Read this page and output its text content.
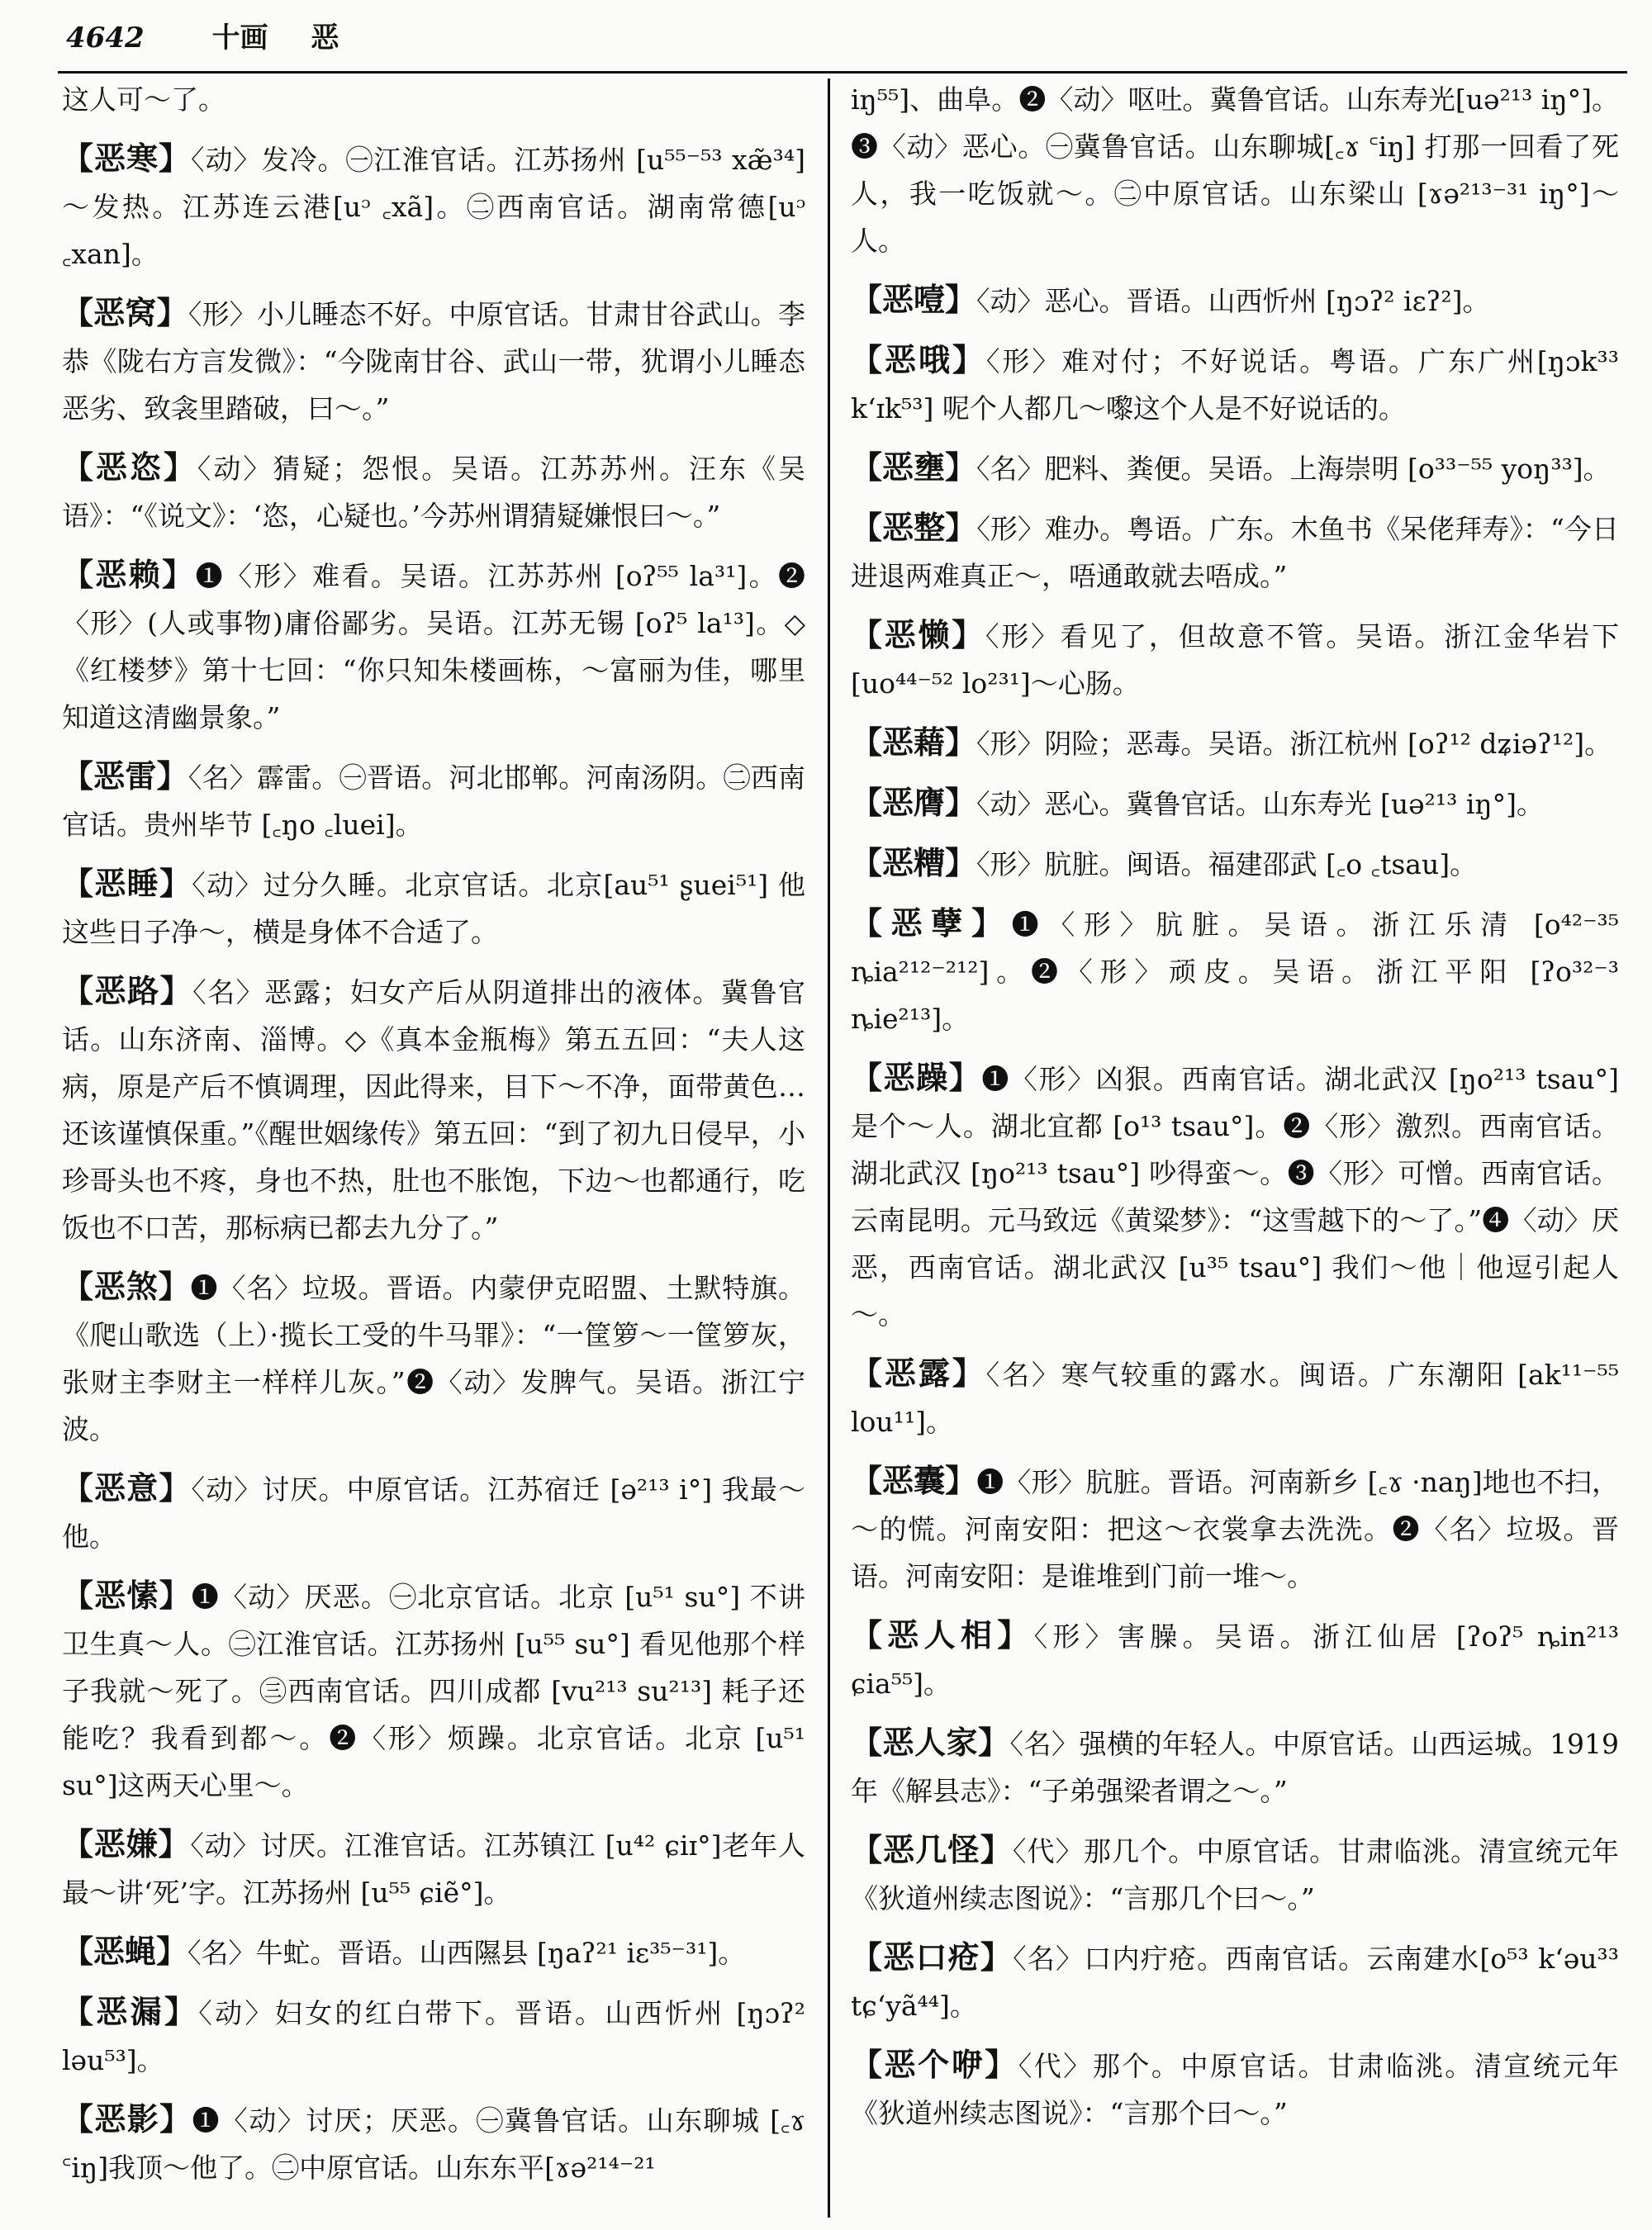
4642 十画 恶

这人可～了。

【恶寒】〈动〉发冷。㊀江淮官话。江苏扬州 [u⁵⁵⁻⁵³ xæ̃³⁴] ～发热。江苏连云港[uᵓ ꜀xã]。㊁西南官话。湖南常德[uᵓ ꜀xan]。

【恶窝】〈形〉小儿睡态不好。中原官话。甘肃甘谷武山。李恭《陇右方言发微》：“今陇南甘谷、武山一带，犹谓小儿睡态恶劣、致衾里踏破，曰～。”

【恶恣】〈动〉猜疑；怨恨。吴语。江苏苏州。汪东《吴语》：“《说文》：‘恣，心疑也。’今苏州谓猜疑嫌恨曰～。”

【恶赖】❶〈形〉难看。吴语。江苏苏州 [oʔ⁵⁵ la³¹]。❷〈形〉(人或事物)庸俗鄙劣。吴语。江苏无锡 [oʔ⁵ la¹³]。◇《红楼梦》第十七回：“你只知朱楼画栋，～富丽为佳，哪里知道这清幽景象。”

【恶雷】〈名〉霹雷。㊀晋语。河北邯郸。河南汤阴。㊁西南官话。贵州毕节 [꜀ŋo ꜀luei]。

【恶睡】〈动〉过分久睡。北京官话。北京[au⁵¹ ʂuei⁵¹] 他这些日子净～，横是身体不合适了。

【恶路】〈名〉恶露；妇女产后从阴道排出的液体。冀鲁官话。山东济南、淄博。◇《真本金瓶梅》第五五回：“夫人这病，原是产后不慎调理，因此得来，目下～不净，面带黄色…还该谨慎保重。”《醒世姻缘传》第五回：“到了初九日侵早，小珍哥头也不疼，身也不热，肚也不胀饱，下边～也都通行，吃饭也不口苦，那标病已都去九分了。”

【恶煞】❶〈名〉垃圾。晋语。内蒙伊克昭盟、土默特旗。《爬山歌选（上）·揽长工受的牛马罪》：“一筐箩～一筐箩灰，张财主李财主一样样儿灰。”❷〈动〉发脾气。吴语。浙江宁波。

【恶意】〈动〉讨厌。中原官话。江苏宿迁 [ə²¹³ i°] 我最～他。

【恶愫】❶〈动〉厌恶。㊀北京官话。北京 [u⁵¹ su°] 不讲卫生真～人。㊁江淮官话。江苏扬州 [u⁵⁵ su°] 看见他那个样子我就～死了。㊂西南官话。四川成都 [vu²¹³ su²¹³] 耗子还能吃？我看到都～。❷〈形〉烦躁。北京官话。北京 [u⁵¹ su°]这两天心里～。

【恶嫌】〈动〉讨厌。江淮官话。江苏镇江 [u⁴² ɕiɪ°]老年人最～讲‘死’字。江苏扬州 [u⁵⁵ ɕiẽ°]。

【恶蝇】〈名〉牛虻。晋语。山西隰县 [ŋaʔ²¹ iɛ³⁵⁻³¹]。

【恶漏】〈动〉妇女的红白带下。晋语。山西忻州 [ŋɔʔ² ləu⁵³]。

【恶影】❶〈动〉讨厌；厌恶。㊀冀鲁官话。山东聊城 [꜀ɤ ꜂iŋ]我顶～他了。㊁中原官话。山东东平[ɤə²¹⁴⁻²¹

iŋ⁵⁵]、曲阜。❷〈动〉呕吐。冀鲁官话。山东寿光[uə²¹³ iŋ°]。❸〈动〉恶心。㊀冀鲁官话。山东聊城[꜀ɤ ꜂iŋ] 打那一回看了死人，我一吃饭就～。㊁中原官话。山东梁山 [ɤə²¹³⁻³¹ iŋ°]～人。

【恶噎】〈动〉恶心。晋语。山西忻州 [ŋɔʔ² iɛʔ²]。

【恶哦】〈形〉难对付；不好说话。粤语。广东广州[ŋɔk³³ k‘ɪk⁵³] 呢个人都几～嚟这个人是不好说话的。

【恶壅】〈名〉肥料、粪便。吴语。上海崇明 [o³³⁻⁵⁵ yoŋ³³]。

【恶整】〈形〉难办。粤语。广东。木鱼书《呆佬拜寿》：“今日进退两难真正～，唔通敢就去唔成。”

【恶懒】〈形〉看见了，但故意不管。吴语。浙江金华岩下 [uo⁴⁴⁻⁵² lo²³¹]～心肠。

【恶藉】〈形〉阴险；恶毒。吴语。浙江杭州 [oʔ¹² dʑiəʔ¹²]。

【恶膺】〈动〉恶心。冀鲁官话。山东寿光 [uə²¹³ iŋ°]。

【恶糟】〈形〉肮脏。闽语。福建邵武 [꜀o ꜀tsau]。

【恶孽】❶〈形〉肮脏。吴语。浙江乐清 [o⁴²⁻³⁵ ȵia²¹²⁻²¹²]。❷〈形〉顽皮。吴语。浙江平阳 [ʔo³²⁻³ ȵie²¹³]。

【恶躁】❶〈形〉凶狠。西南官话。湖北武汉 [ŋo²¹³ tsau°] 是个～人。湖北宜都 [o¹³ tsau°]。❷〈形〉激烈。西南官话。湖北武汉 [ŋo²¹³ tsau°] 吵得蛮～。❸〈形〉可憎。西南官话。云南昆明。元马致远《黄粱梦》：“这雪越下的～了。”❹〈动〉厌恶，西南官话。湖北武汉 [u³⁵ tsau°] 我们～他｜他逗引起人～。

【恶露】〈名〉寒气较重的露水。闽语。广东潮阳 [ak¹¹⁻⁵⁵ lou¹¹]。

【恶囊】❶〈形〉肮脏。晋语。河南新乡 [꜀ɤ ·naŋ]地也不扫，～的慌。河南安阳：把这～衣裳拿去洗洗。❷〈名〉垃圾。晋语。河南安阳：是谁堆到门前一堆～。

【恶人相】〈形〉害臊。吴语。浙江仙居 [ʔoʔ⁵ ȵin²¹³ ɕia⁵⁵]。

【恶人家】〈名〉强横的年轻人。中原官话。山西运城。1919年《解县志》：“子弟强梁者谓之～。”

【恶几怪】〈代〉那几个。中原官话。甘肃临洮。清宣统元年《狄道州续志图说》：“言那几个曰～。”

【恶口疮】〈名〉口内疔疮。西南官话。云南建水[o⁵³ k‘əu³³ tɕ‘yã⁴⁴]。

【恶个咿】〈代〉那个。中原官话。甘肃临洮。清宣统元年《狄道州续志图说》：“言那个曰～。”
